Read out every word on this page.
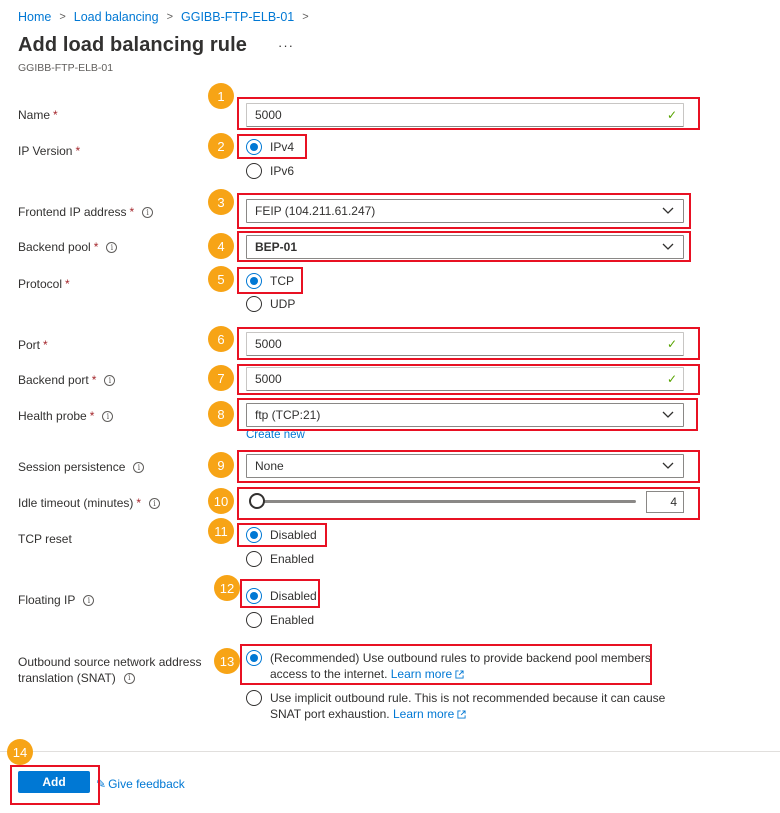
Home > Load balancing > GGIBB-FTP-ELB-01 >
Add load balancing rule ···
GGIBB-FTP-ELB-01
Name *	5000	✓
IP Version *	IPv4
IPv6
Frontend IP address *	i	FEIP (104.211.61.247)
Backend pool *	i	BEP-01
Protocol *	TCP
UDP
Port *	5000	✓
Backend port *	i	5000	✓
Health probe *	i	ftp (TCP:21)
Create new
Session persistence	i	None
Idle timeout (minutes) *	i	4
TCP reset	Disabled
Enabled
Floating IP	i	Disabled
Enabled
Outbound source network address
translation (SNAT)	i
(Recommended) Use outbound rules to provide backend pool members
access to the internet. Learn more
Use implicit outbound rule. This is not recommended because it can cause
SNAT port exhaustion. Learn more
Add	✎ Give feedback
1
2
3
4
5
6
7
8
9
10
11
12
13
14
